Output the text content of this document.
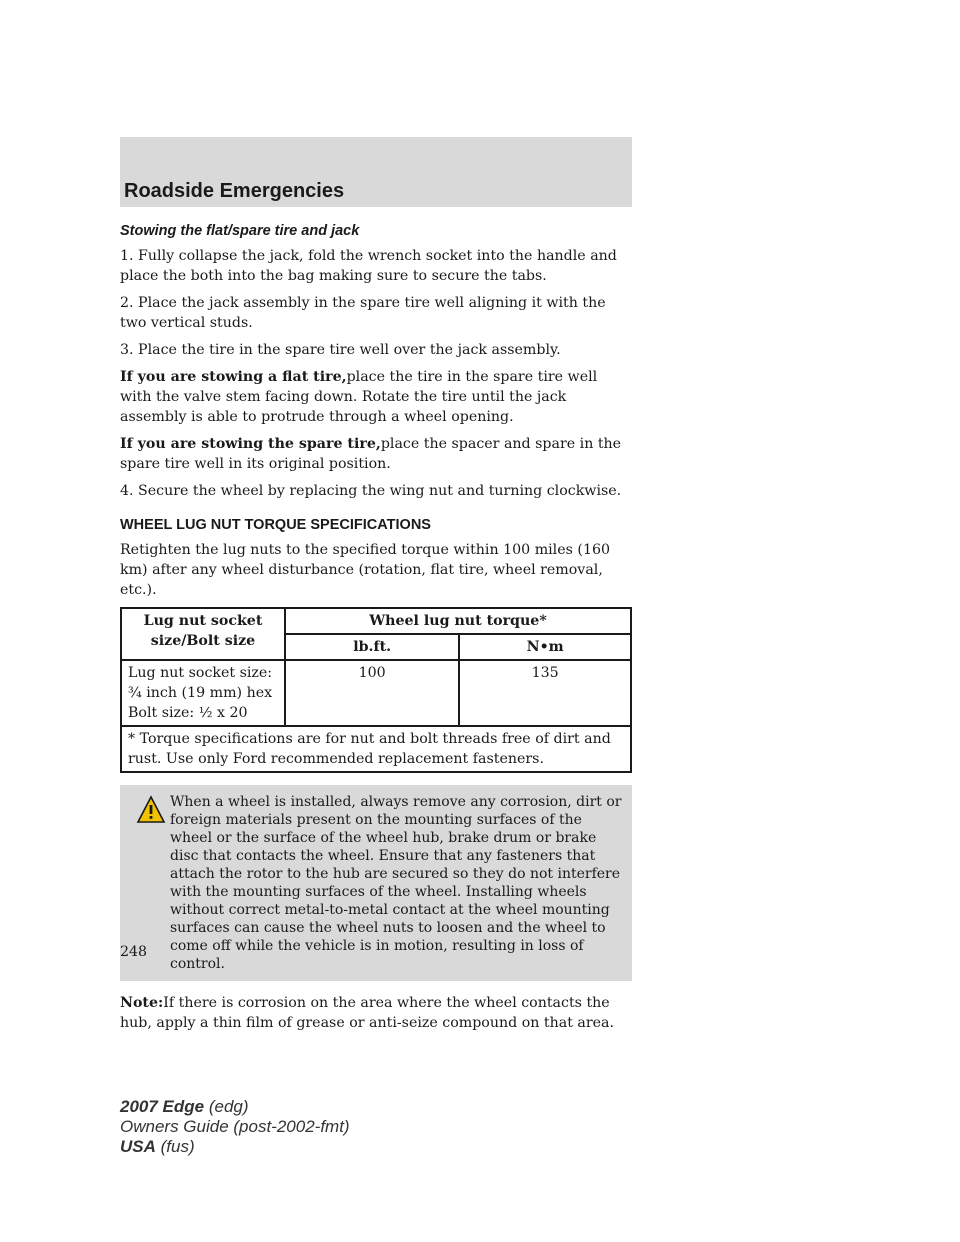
Roadside Emergencies

Stowing the flat/spare tire and jack

1. Fully collapse the jack, fold the wrench socket into the handle and place the both into the bag making sure to secure the tabs.

2. Place the jack assembly in the spare tire well aligning it with the two vertical studs.

3. Place the tire in the spare tire well over the jack assembly.

If you are stowing a flat tire,place the tire in the spare tire well with the valve stem facing down. Rotate the tire until the jack assembly is able to protrude through a wheel opening.

If you are stowing the spare tire,place the spacer and spare in the spare tire well in its original position.

4. Secure the wheel by replacing the wing nut and turning clockwise.

WHEEL LUG NUT TORQUE SPECIFICATIONS

Retighten the lug nuts to the specified torque within 100 miles (160 km) after any wheel disturbance (rotation, flat tire, wheel removal, etc.).

Lug nut socket size/Bolt size	Wheel lug nut torque*	
	lb.ft.	N•m

Lug nut socket size: ¾ inch (19 mm) hex
Bolt size: ½ x 20	100	135
* Torque specifications are for nut and bolt threads free of dirt and rust. Use only Ford recommended replacement fasteners.		
When a wheel is installed, always remove any corrosion, dirt or foreign materials present on the mounting surfaces of the wheel or the surface of the wheel hub, brake drum or brake disc that contacts the wheel. Ensure that any fasteners that attach the rotor to the hub are secured so they do not interfere with the mounting surfaces of the wheel. Installing wheels without correct metal-to-metal contact at the wheel mounting surfaces can cause the wheel nuts to loosen and the wheel to come off while the vehicle is in motion, resulting in loss of control.

Note:If there is corrosion on the area where the wheel contacts the hub, apply a thin film of grease or anti-seize compound on that area.

248
2007 Edge (edg)
Owners Guide (post-2002-fmt)
USA (fus)
